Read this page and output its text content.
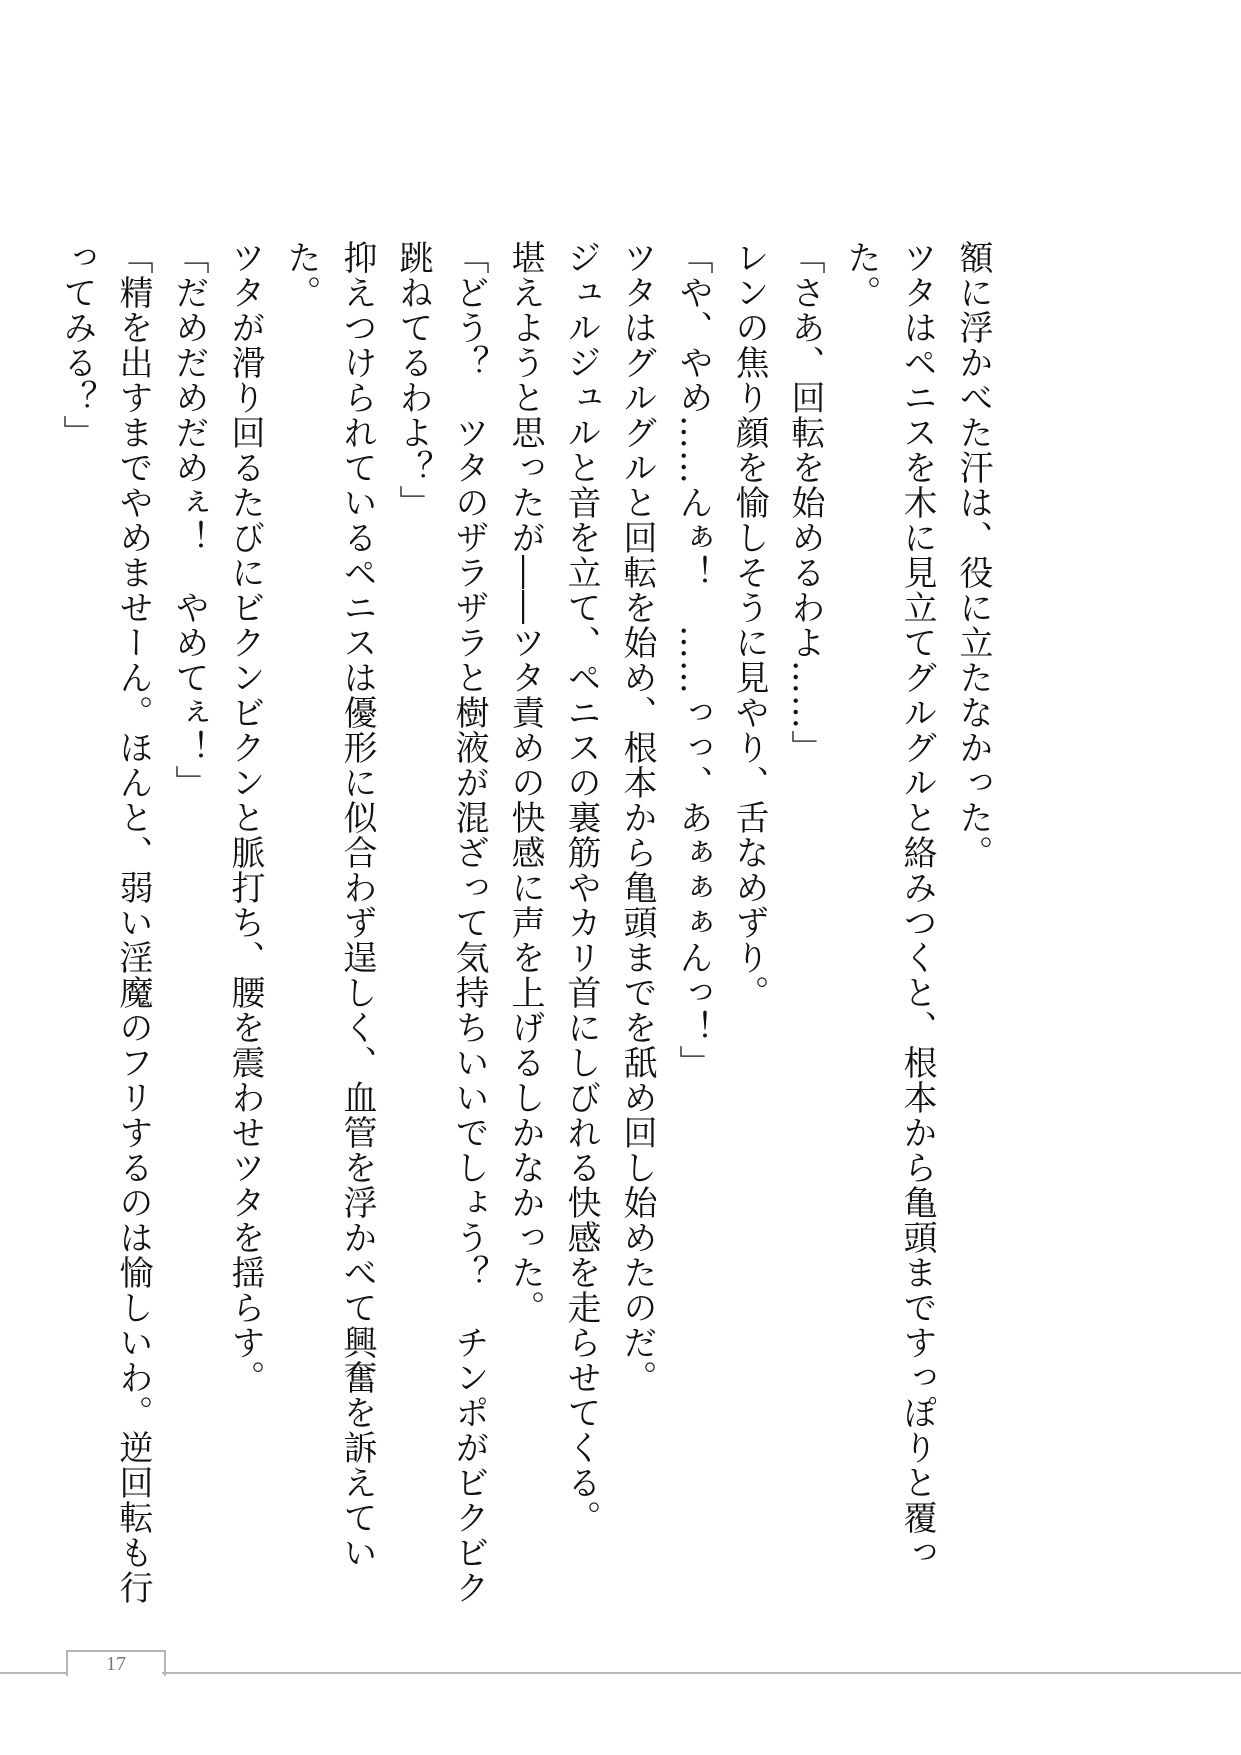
額に浮かべた汗は、役に立たなかった。

ツタはペニスを木に見立てグルグルと絡みつくと、根本から亀頭まですっぽりと覆った。

「さあ、回転を始めるわよ……」

レンの焦り顔を愉しそうに見やり、舌なめずり。

「や、やめ……んぁ！　……っっ、あぁぁぁんっ！」

ツタはグルグルと回転を始め、根本から亀頭までを舐め回し始めたのだ。

ジュルジュルと音を立て、ペニスの裏筋やカリ首にしびれる快感を走らせてくる。

堪えようと思ったが――ツタ責めの快感に声を上げるしかなかった。

「どう？　ツタのザラザラと樹液が混ざって気持ちいいでしょう？　チンポがビクビク跳ねてるわよ？」

抑えつけられているペニスは優形に似合わず逞しく、血管を浮かべて興奮を訴えていた。

ツタが滑り回るたびにビクンビクンと脈打ち、腰を震わせツタを揺らす。

「だめだめだめぇ！　やめてぇ！」

「精を出すまでやめませーん。ほんと、弱い淫魔のフリするのは愉しいわ。逆回転も行ってみる？」

17
